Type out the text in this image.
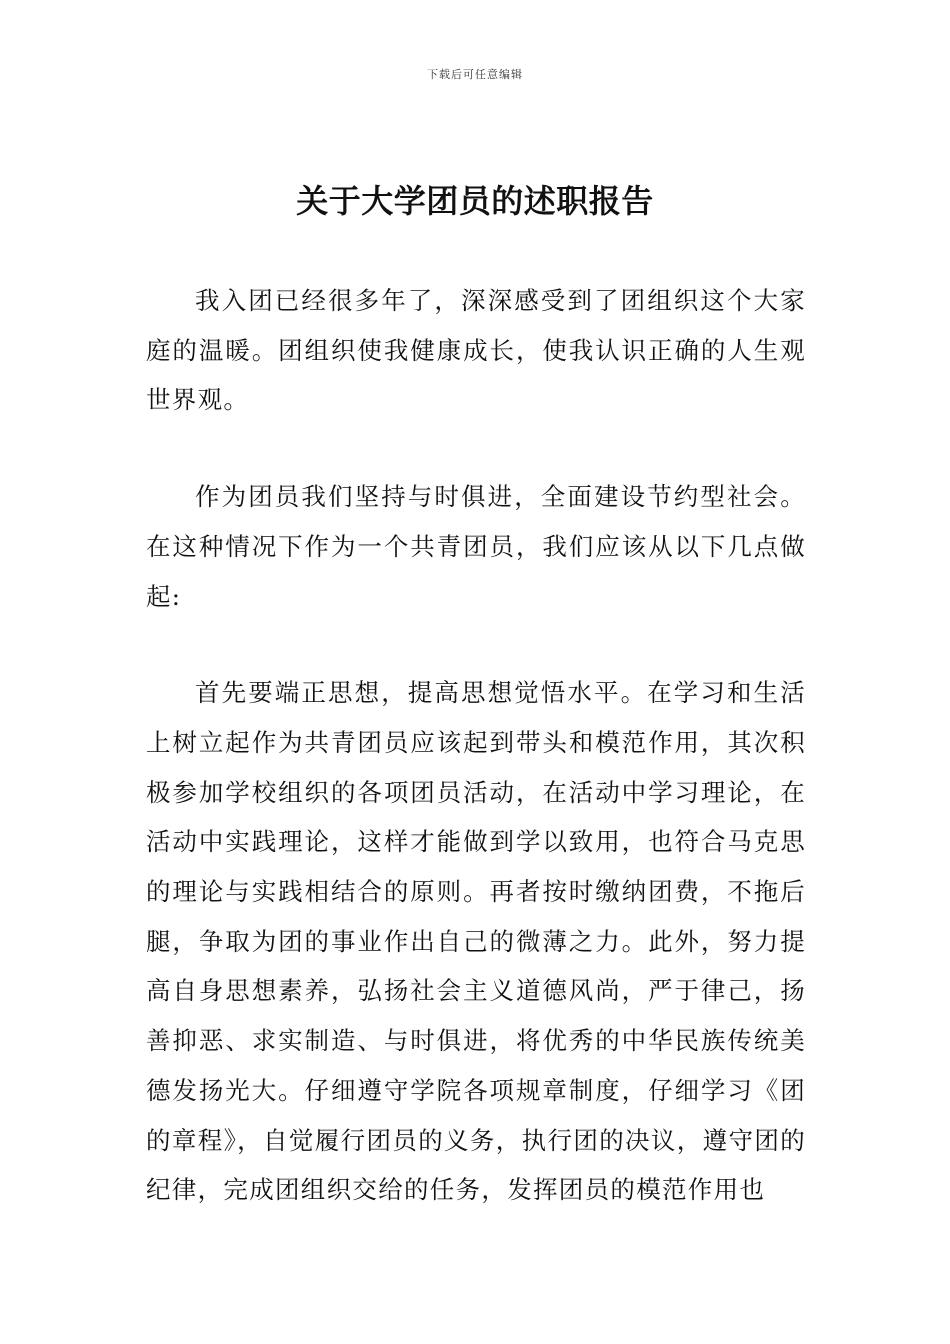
下载后可任意编辑
关于大学团员的述职报告

我入团已经很多年了，深深感受到了团组织这个大家庭的温暖。团组织使我健康成长，使我认识正确的人生观世界观。

作为团员我们坚持与时俱进，全面建设节约型社会。在这种情况下作为一个共青团员，我们应该从以下几点做起:

首先要端正思想，提高思想觉悟水平。在学习和生活上树立起作为共青团员应该起到带头和模范作用，其次积极参加学校组织的各项团员活动，在活动中学习理论，在活动中实践理论，这样才能做到学以致用，也符合马克思的理论与实践相结合的原则。再者按时缴纳团费，不拖后腿，争取为团的事业作出自己的微薄之力。此外，努力提高自身思想素养，弘扬社会主义道德风尚，严于律己，扬善抑恶、求实制造、与时俱进，将优秀的中华民族传统美德发扬光大。仔细遵守学院各项规章制度，仔细学习《团的章程》，自觉履行团员的义务，执行团的决议，遵守团的纪律，完成团组织交给的任务，发挥团员的模范作用也
